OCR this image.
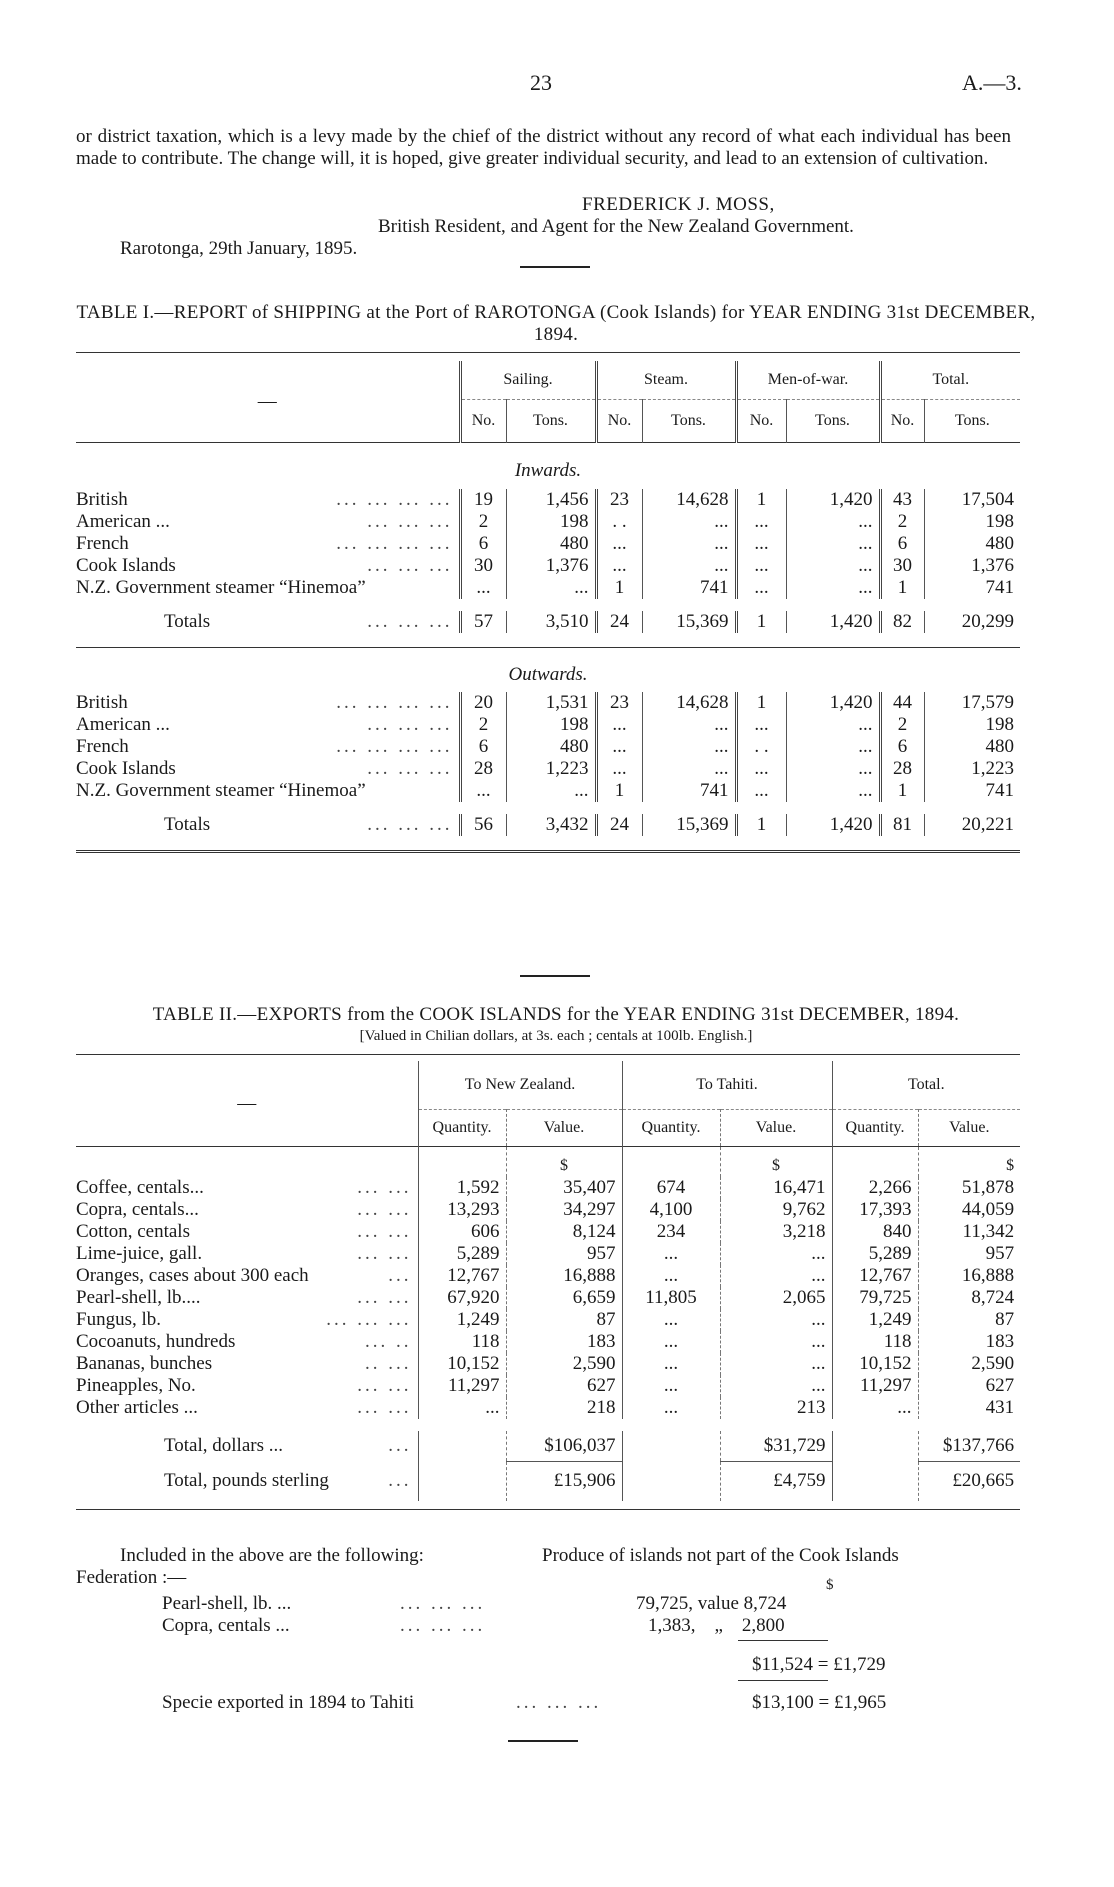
23	A.—3.
or district taxation, which is a levy made by the chief of the district without any record of what each individual has been made to contribute. The change will, it is hoped, give greater individual security, and lead to an extension of cultivation.
FREDERICK J. MOSS,
British Resident, and Agent for the New Zealand Government.
Rarotonga, 29th January, 1895.
TABLE I.—REPORT of SHIPPING at the Port of RAROTONGA (Cook Islands) for YEAR ENDING 31st DECEMBER, 1894.

—	Sailing.		Steam.		Men-of-war.		Total.	
	No.	Tons.	No.	Tons.	No.	Tons.	No.	Tons.
Inwards.								
British ... ... ... ...	19	1,456	23	14,628	1	1,420	43	17,504
American ... ... ... ...	2	198	. .	...	...	...	2	198
French ... ... ... ...	6	480	...	...	...	...	6	480
Cook Islands ... ... ...	30	1,376	...	...	...	...	30	1,376
N.Z. Government steamer “Hinemoa”	...	...	1	741	...	...	1	741

Totals ... ... ...	57	3,510	24	15,369	1	1,420	82	20,299

Outwards.								
British ... ... ... ...	20	1,531	23	14,628	1	1,420	44	17,579
American ... ... ... ...	2	198	...	...	...	...	2	198
French ... ... ... ...	6	480	...	...	. .	...	6	480
Cook Islands ... ... ...	28	1,223	...	...	...	...	28	1,223
N.Z. Government steamer “Hinemoa”	...	...	1	741	...	...	1	741

Totals ... ... ...	56	3,432	24	15,369	1	1,420	81	20,221

TABLE II.—EXPORTS from the COOK ISLANDS for the YEAR ENDING 31st DECEMBER, 1894.
[Valued in Chilian dollars, at 3s. each ; centals at 100lb. English.]

—	To New Zealand.		To Tahiti.		Total.	
	Quantity.	Value.	Quantity.	Value.	Quantity.	Value.
		$		$		$
Coffee, centals... ... ...	1,592	35,407	674	16,471	2,266	51,878
Copra, centals... ... ...	13,293	34,297	4,100	9,762	17,393	44,059
Cotton, centals ... ...	606	8,124	234	3,218	840	11,342
Lime-juice, gall. ... ...	5,289	957	...	...	5,289	957
Oranges, cases about 300 each ...	12,767	16,888	...	...	12,767	16,888
Pearl-shell, lb.... ... ...	67,920	6,659	11,805	2,065	79,725	8,724
Fungus, lb. ... ... ...	1,249	87	...	...	1,249	87
Cocoanuts, hundreds ... ..	118	183	...	...	118	183
Bananas, bunches .. ...	10,152	2,590	...	...	10,152	2,590
Pineapples, No. ... ...	11,297	627	...	...	11,297	627
Other articles ... ... ...	...	218	...	213	...	431

Total, dollars ... ...		$106,037		$31,729		$137,766
Total, pounds sterling ...		£15,906		£4,759		£20,665

Included in the above are the following:	Produce of islands not part of the Cook Islands
Federation :—	$
Pearl-shell, lb. ...	... ... ...	79,725, value 8,724
Copra, centals ...	... ... ...	1,383,    „    2,800
$11,524 = £1,729
Specie exported in 1894 to Tahiti	... ... ...	$13,100 = £1,965
